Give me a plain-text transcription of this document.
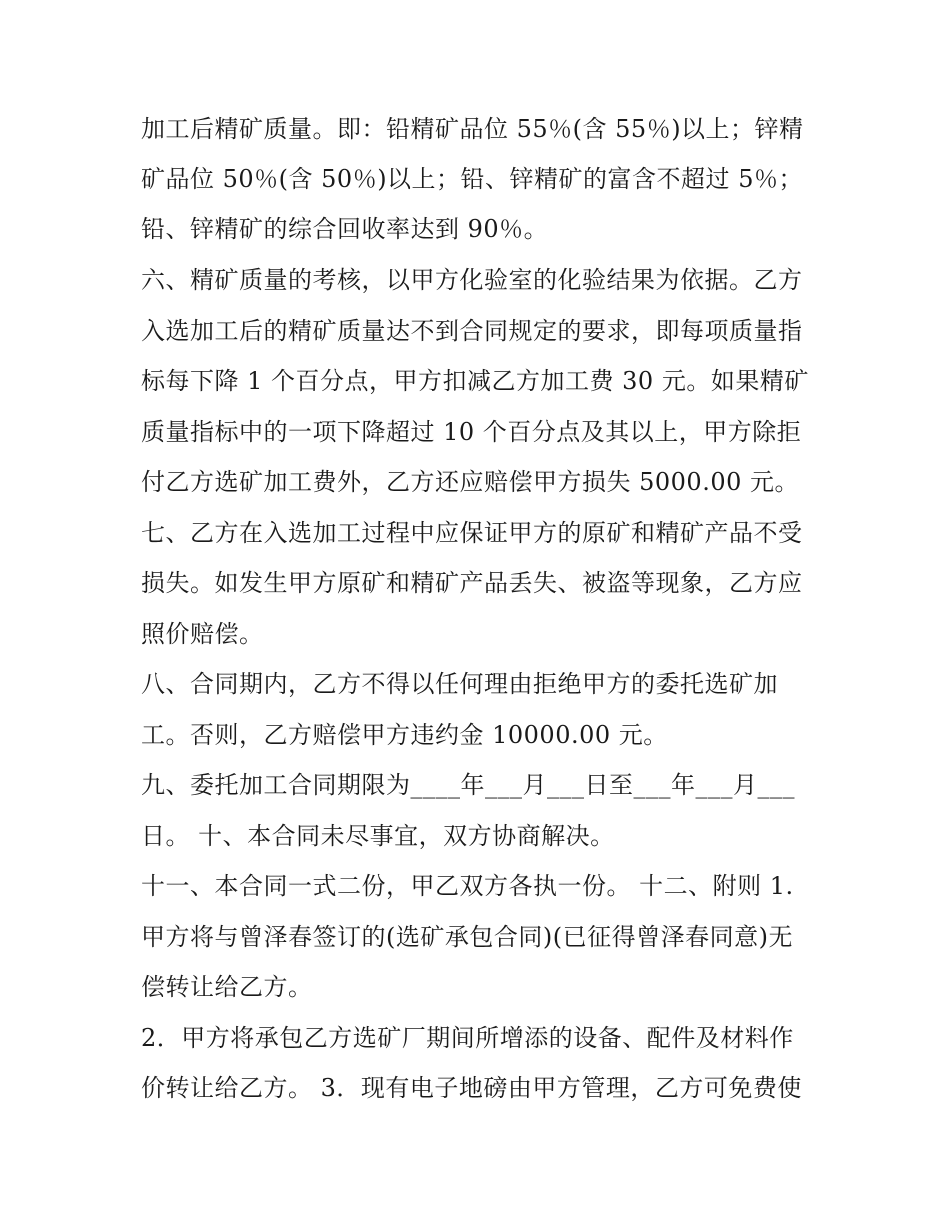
加工后精矿质量。即：铅精矿品位 55％(含 55％)以上；锌精
矿品位 50％(含 50％)以上；铅、锌精矿的富含不超过 5％；
铅、锌精矿的综合回收率达到 90％。
六、精矿质量的考核，以甲方化验室的化验结果为依据。乙方
入选加工后的精矿质量达不到合同规定的要求，即每项质量指
标每下降 1 个百分点，甲方扣减乙方加工费 30 元。如果精矿
质量指标中的一项下降超过 10 个百分点及其以上，甲方除拒
付乙方选矿加工费外，乙方还应赔偿甲方损失 5000.00 元。
七、乙方在入选加工过程中应保证甲方的原矿和精矿产品不受
损失。如发生甲方原矿和精矿产品丢失、被盗等现象，乙方应
照价赔偿。
八、合同期内，乙方不得以任何理由拒绝甲方的委托选矿加
工。否则，乙方赔偿甲方违约金 10000.00 元。
九、委托加工合同期限为____年___月___日至___年___月___
日。 十、本合同未尽事宜，双方协商解决。
十一、本合同一式二份，甲乙双方各执一份。 十二、附则 1.
甲方将与曾泽春签订的(选矿承包合同)(已征得曾泽春同意)无
偿转让给乙方。
2．甲方将承包乙方选矿厂期间所增添的设备、配件及材料作
价转让给乙方。 3．现有电子地磅由甲方管理，乙方可免费使
